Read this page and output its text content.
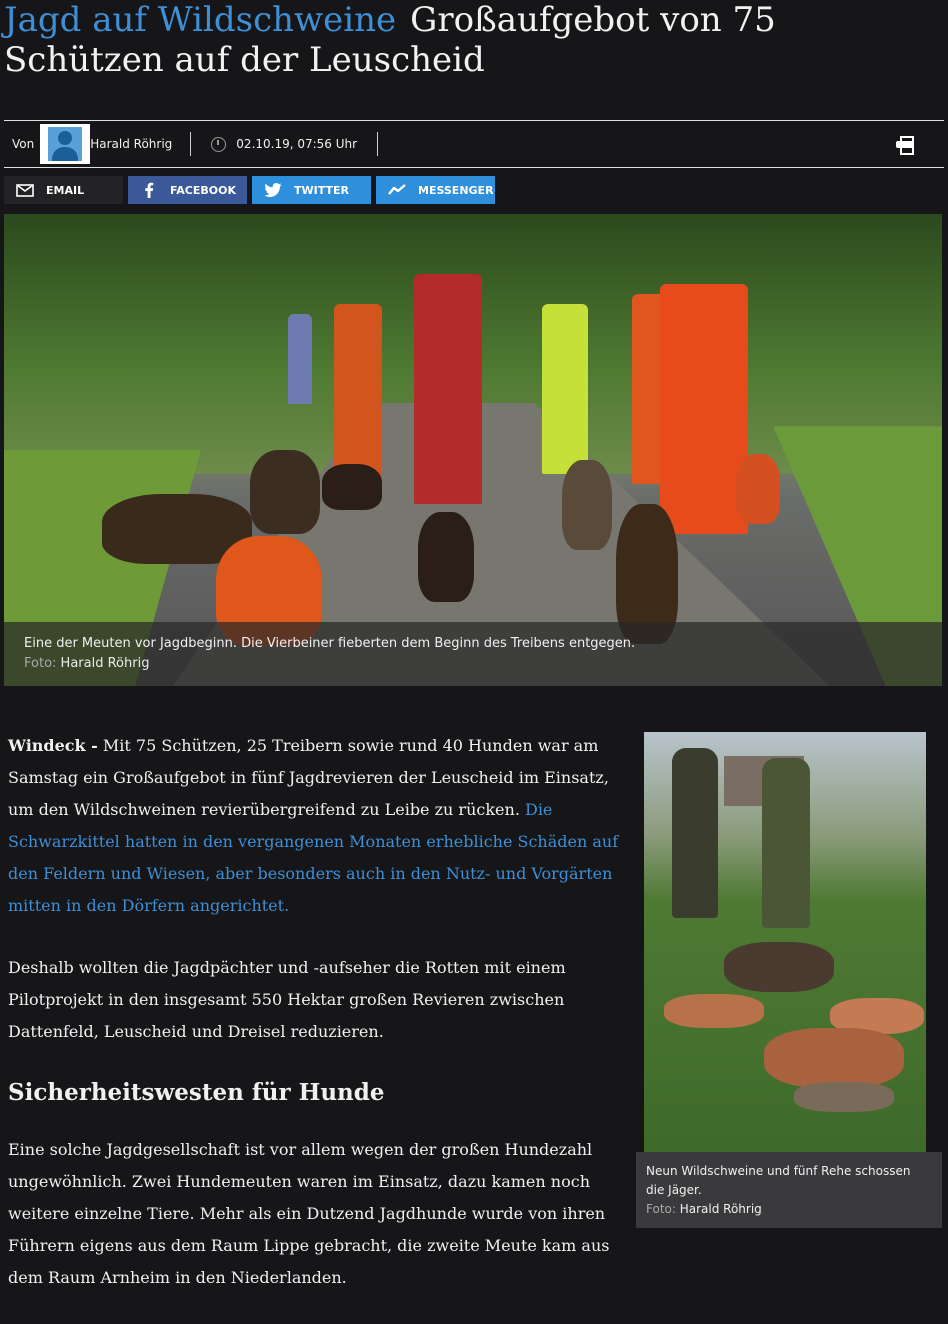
Jagd auf Wildschweine Großaufgebot von 75 Schützen auf der Leuscheid
Von	Harald Röhrig	02.10.19, 07:56 Uhr
EMAIL	FACEBOOK	TWITTER	MESSENGER
Eine der Meuten vor Jagdbeginn. Die Vierbeiner fieberten dem Beginn des Treibens entgegen.
Foto: Harald Röhrig

Windeck - Mit 75 Schützen, 25 Treibern sowie rund 40 Hunden war am Samstag ein Großaufgebot in fünf Jagdrevieren der Leuscheid im Einsatz, um den Wildschweinen revierübergreifend zu Leibe zu rücken. Die Schwarzkittel hatten in den vergangenen Monaten erhebliche Schäden auf den Feldern und Wiesen, aber besonders auch in den Nutz- und Vorgärten mitten in den Dörfern angerichtet.

Deshalb wollten die Jagdpächter und -aufseher die Rotten mit einem Pilotprojekt in den insgesamt 550 Hektar großen Revieren zwischen Dattenfeld, Leuscheid und Dreisel reduzieren.

Sicherheitswesten für Hunde

Eine solche Jagdgesellschaft ist vor allem wegen der großen Hundezahl ungewöhnlich. Zwei Hundemeuten waren im Einsatz, dazu kamen noch weitere einzelne Tiere. Mehr als ein Dutzend Jagdhunde wurde von ihren Führern eigens aus dem Raum Lippe gebracht, die zweite Meute kam aus dem Raum Arnheim in den Niederlanden.

Neun Wildschweine und fünf Rehe schossen die Jäger.
Foto: Harald Röhrig
